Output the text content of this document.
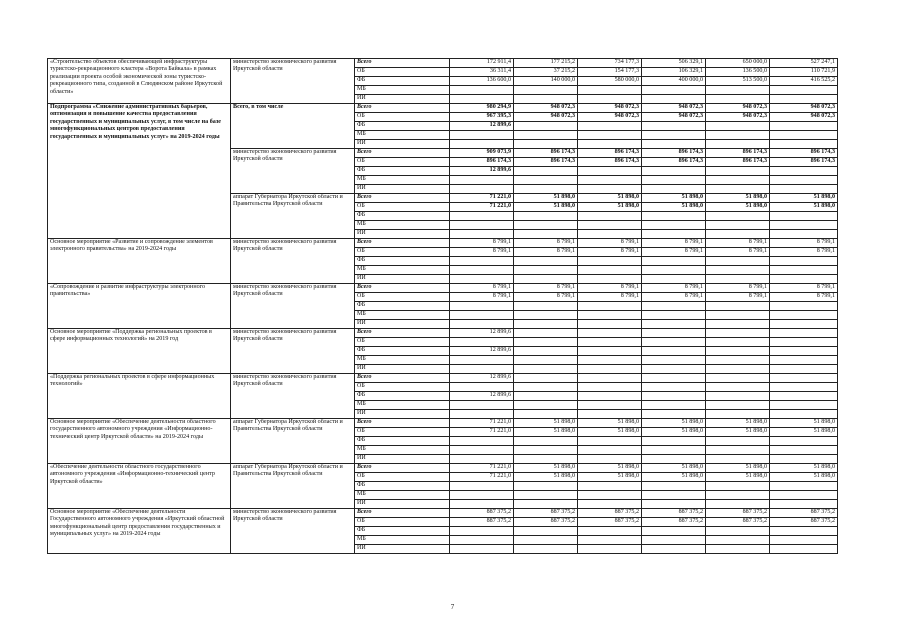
«Строительство объектов обеспечивающей инфраструктуры туристско-рекреационного кластера «Ворота Байкала» в рамках реализации проекта особой экономической зоны туристско-рекреационного типа, созданной в Слюдянском районе Иркутской области»	министерство экономического развития Иркутской области	Всего	172 911,4	177 215,2	734 177,3	506 329,1	650 000,0	527 247,1
		ОБ	36 311,4	37 215,2	154 177,3	106 329,1	136 500,0	110 721,9
		ФБ	136 600,0	140 000,0	580 000,0	400 000,0	513 500,0	416 525,2
		МБ						
		ИИ						
Подпрограмма «Снижение административных барьеров, оптимизация и повышение качества предоставления государственных и муниципальных услуг, в том числе на базе многофункциональных центров предоставления государственных и муниципальных услуг» на 2019-2024 годы	Всего, в том числе	Всего	980 294,9	948 072,3	948 072,3	948 072,3	948 072,3	948 072,3
		ОБ	967 395,3	948 072,3	948 072,3	948 072,3	948 072,3	948 072,3
		ФБ	12 899,6					
		МБ						
		ИИ						
	министерство экономического развития Иркутской области	Всего	909 073,9	896 174,3	896 174,3	896 174,3	896 174,3	896 174,3
		ОБ	896 174,3	896 174,3	896 174,3	896 174,3	896 174,3	896 174,3
		ФБ	12 899,6					
		МБ						
		ИИ						
	аппарат Губернатора Иркутской области и Правительства Иркутской области	Всего	71 221,0	51 898,0	51 898,0	51 898,0	51 898,0	51 898,0
		ОБ	71 221,0	51 898,0	51 898,0	51 898,0	51 898,0	51 898,0
		ФБ						
		МБ						
		ИИ						
Основное мероприятие «Развитие и сопровождение элементов электронного правительства» на 2019-2024 годы	министерство экономического развития Иркутской области	Всего	8 799,1	8 799,1	8 799,1	8 799,1	8 799,1	8 799,1
		ОБ	8 799,1	8 799,1	8 799,1	8 799,1	8 799,1	8 799,1
		ФБ						
		МБ						
		ИИ						
«Сопровождение и развитие инфраструктуры электронного правительства»	министерство экономического развития Иркутской области	Всего	8 799,1	8 799,1	8 799,1	8 799,1	8 799,1	8 799,1
		ОБ	8 799,1	8 799,1	8 799,1	8 799,1	8 799,1	8 799,1
		ФБ						
		МБ						
		ИИ						
Основное мероприятие «Поддержка региональных проектов в сфере информационных технологий» на 2019 год	министерство экономического развития Иркутской области	Всего	12 899,6					
		ОБ						
		ФБ	12 899,6					
		МБ						
		ИИ						
«Поддержка региональных проектов в сфере информационных технологий»	министерство экономического развития Иркутской области	Всего	12 899,6					
		ОБ						
		ФБ	12 899,6					
		МБ						
		ИИ						
Основное мероприятие «Обеспечение деятельности областного государственного автономного учреждения «Информационно-технический центр Иркутской области» на 2019-2024 годы	аппарат Губернатора Иркутской области и Правительства Иркутской области	Всего	71 221,0	51 898,0	51 898,0	51 898,0	51 898,0	51 898,0
		ОБ	71 221,0	51 898,0	51 898,0	51 898,0	51 898,0	51 898,0
		ФБ						
		МБ						
		ИИ						
«Обеспечение деятельности областного государственного автономного учреждения «Информационно-технический центр Иркутской области»	аппарат Губернатора Иркутской области и Правительства Иркутской области	Всего	71 221,0	51 898,0	51 898,0	51 898,0	51 898,0	51 898,0
		ОБ	71 221,0	51 898,0	51 898,0	51 898,0	51 898,0	51 898,0
		ФБ						
		МБ						
		ИИ						
Основное мероприятие «Обеспечение деятельности Государственного автономного учреждения «Иркутский областной многофункциональный центр предоставления государственных и муниципальных услуг» на 2019-2024 годы	министерство экономического развития Иркутской области	Всего	887 375,2	887 375,2	887 375,2	887 375,2	887 375,2	887 375,2
		ОБ	887 375,2	887 375,2	887 375,2	887 375,2	887 375,2	887 375,2
		ФБ						
		МБ						
		ИИ						
7
